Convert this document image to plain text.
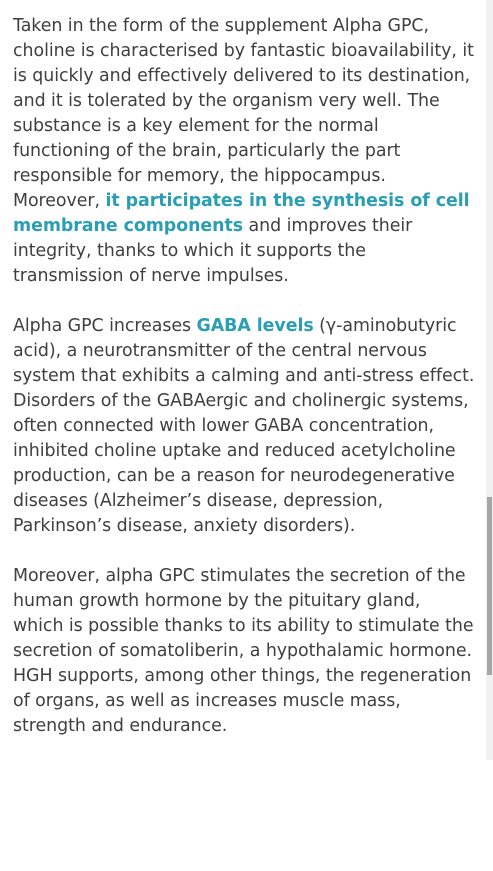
Taken in the form of the supplement Alpha GPC, choline is characterised by fantastic bioavailability, it is quickly and effectively delivered to its destination, and it is tolerated by the organism very well. The substance is a key element for the normal functioning of the brain, particularly the part responsible for memory, the hippocampus. Moreover, it participates in the synthesis of cell membrane components and improves their integrity, thanks to which it supports the transmission of nerve impulses.

Alpha GPC increases GABA levels (γ-aminobutyric acid), a neurotransmitter of the central nervous system that exhibits a calming and anti-stress effect. Disorders of the GABAergic and cholinergic systems, often connected with lower GABA concentration, inhibited choline uptake and reduced acetylcholine production, can be a reason for neurodegenerative diseases (Alzheimer’s disease, depression, Parkinson’s disease, anxiety disorders).

Moreover, alpha GPC stimulates the secretion of the human growth hormone by the pituitary gland, which is possible thanks to its ability to stimulate the secretion of somatoliberin, a hypothalamic hormone. HGH supports, among other things, the regeneration of organs, as well as increases muscle mass, strength and endurance.
